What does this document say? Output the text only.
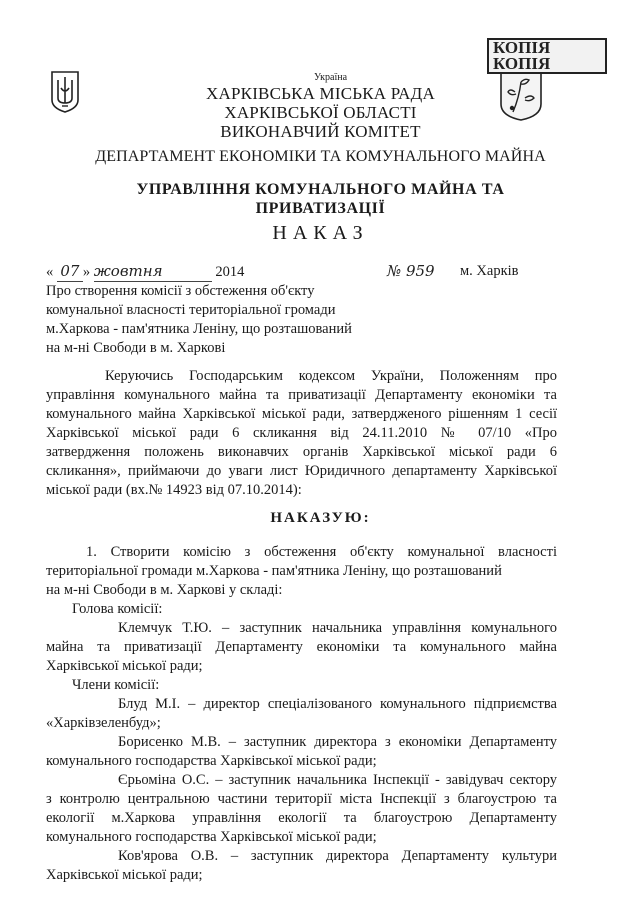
КОПІЯ
КОПІЯ
Україна
ХАРКІВСЬКА МІСЬКА РАДА
ХАРКІВСЬКОЇ ОБЛАСТІ
ВИКОНАВЧИЙ КОМІТЕТ
ДЕПАРТАМЕНТ ЕКОНОМІКИ ТА КОМУНАЛЬНОГО МАЙНА
УПРАВЛІННЯ КОМУНАЛЬНОГО МАЙНА ТА
ПРИВАТИЗАЦІЇ
НАКАЗ
« 07 » жовтня	2014	№ 959 м. Харків
Про створення комісії з обстеження об'єкту
комунальної власності територіальної громади
м.Харкова - пам'ятника Леніну, що розташований
на м-ні Свободи в м. Харкові
Керуючись Господарським кодексом України, Положенням про
управління комунального майна та приватизації Департаменту економіки та
комунального майна Харківської міської ради, затвердженого рішенням 1 сесії
Харківської міської ради 6 скликання від 24.11.2010 № 07/10 «Про
затвердження положень виконавчих органів Харківської міської ради 6
скликання», приймаючи до уваги лист Юридичного департаменту Харківської
міської ради (вх.№ 14923 від 07.10.2014):
НАКАЗУЮ:
1. Створити комісію з обстеження об'єкту комунальної власності
територіальної громади м.Харкова - пам'ятника Леніну, що розташований
на м-ні Свободи в м. Харкові у складі:
Голова комісії:
Клемчук Т.Ю. – заступник начальника управління комунального
майна та приватизації Департаменту економіки та комунального майна
Харківської міської ради;
Члени комісії:
Блуд М.І. – директор спеціалізованого комунального підприємства
«Харківзеленбуд»;
Борисенко М.В. – заступник директора з економіки Департаменту
комунального господарства Харківської міської ради;
Єрьоміна О.С. – заступник начальника Інспекції - завідувач сектору
з контролю центральною частини території міста Інспекції з благоустрою та
екології м.Харкова управління екології та благоустрою Департаменту
комунального господарства Харківської міської ради;
Ков'ярова О.В. – заступник директора Департаменту культури
Харківської міської ради;
